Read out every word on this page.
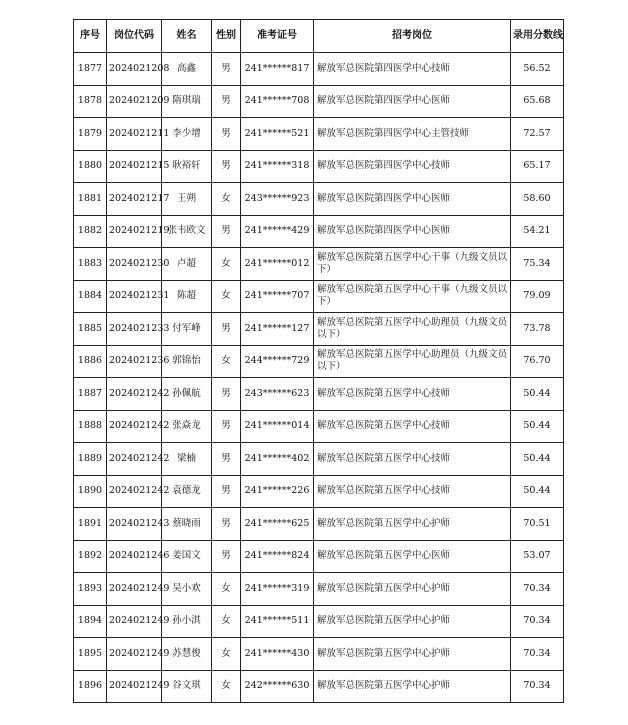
序号	岗位代码	姓名	性别	准考证号	招考岗位	录用分数线
1877	2024021208	高鑫	男	241******817	解放军总医院第四医学中心技师	56.52
1878	2024021209	隋琪瑞	男	241******708	解放军总医院第四医学中心医师	65.68
1879	2024021211	李少增	男	241******521	解放军总医院第四医学中心主管技师	72.57
1880	2024021215	耿裕轩	男	241******318	解放军总医院第四医学中心技师	65.17
1881	2024021217	王朔	女	243******923	解放军总医院第四医学中心医师	58.60
1882	2024021219	张韦欧文	男	241******429	解放军总医院第四医学中心医师	54.21
1883	2024021230	卢超	女	241******012	解放军总医院第五医学中心干事（九级文员以下）	75.34
1884	2024021231	陈超	女	241******707	解放军总医院第五医学中心干事（九级文员以下）	79.09
1885	2024021233	付军峰	男	241******127	解放军总医院第五医学中心助理员（九级文员以下）	73.78
1886	2024021236	郭锦怡	女	244******729	解放军总医院第五医学中心助理员（九级文员以下）	76.70
1887	2024021242	孙佩航	男	243******623	解放军总医院第五医学中心技师	50.44
1888	2024021242	张焱龙	男	241******014	解放军总医院第五医学中心技师	50.44
1889	2024021242	梁楠	男	241******402	解放军总医院第五医学中心技师	50.44
1890	2024021242	袁德龙	男	241******226	解放军总医院第五医学中心技师	50.44
1891	2024021243	蔡晓雨	男	241******625	解放军总医院第五医学中心护师	70.51
1892	2024021246	姜国文	男	241******824	解放军总医院第五医学中心医师	53.07
1893	2024021249	吴小欢	女	241******319	解放军总医院第五医学中心护师	70.34
1894	2024021249	孙小淇	女	241******511	解放军总医院第五医学中心护师	70.34
1895	2024021249	苏慧俊	女	241******430	解放军总医院第五医学中心护师	70.34
1896	2024021249	谷文琪	女	242******630	解放军总医院第五医学中心护师	70.34
